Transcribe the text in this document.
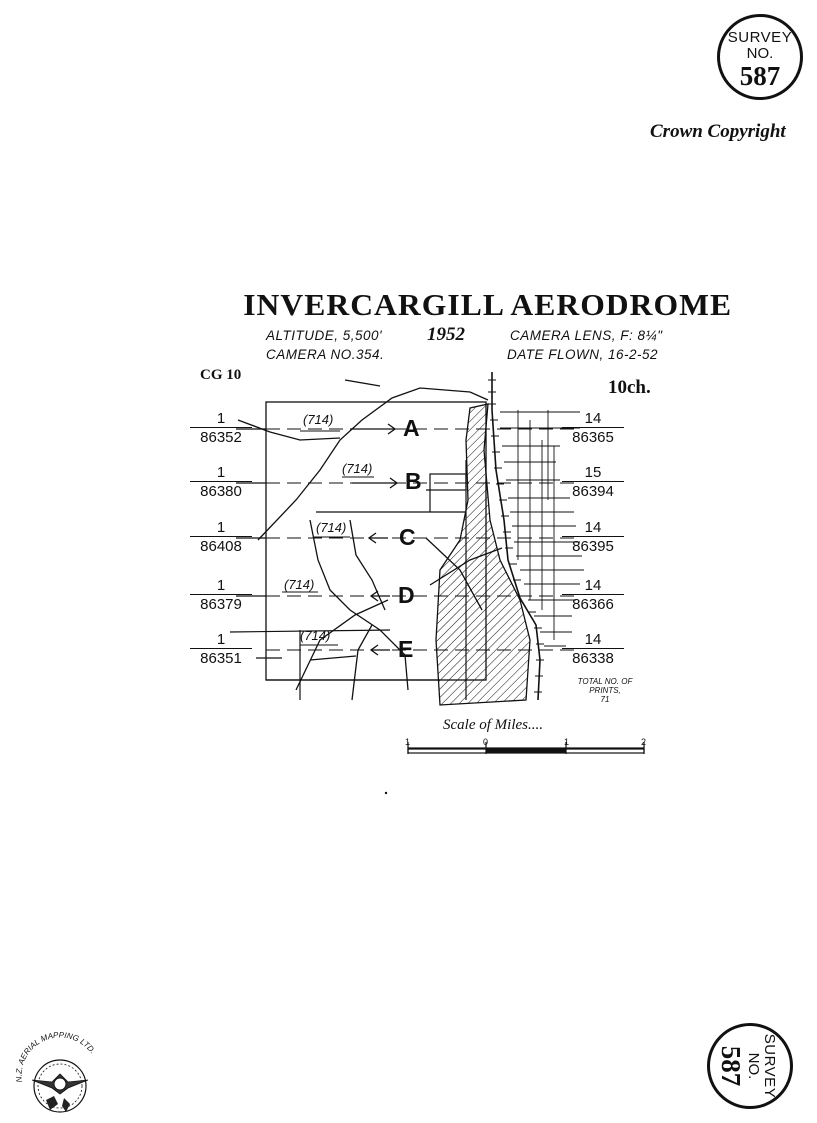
SURVEY
NO.
587
Crown Copyright
INVERCARGILL AERODROME
ALTITUDE, 5,500' 1952	CAMERA LENS, F: 8¼"
CAMERA NO.354.	DATE FLOWN, 16-2-52
CG 10
10ch.
A
B
C
D
E
(714)
(714)
(714)
(714)
(714)
1
86352
1
86380
1
86408
1
86379
1
86351
14
86365
15
86394
14
86395
14
86366
14
86338
TOTAL NO. OF PRINTS,
71
Scale of Miles....
1	0	1	2
N.Z. AERIAL MAPPING LTD.	SURVEY
NO.
587
